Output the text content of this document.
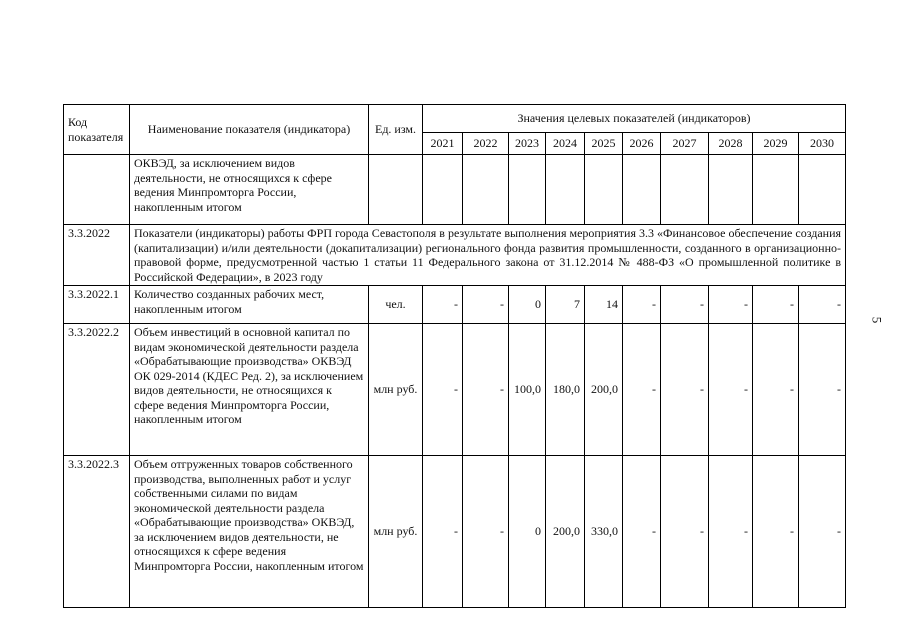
Код показателя	Наименование показателя (индикатора)	Ед. изм.	Значения целевых показателей (индикаторов)									
			2021	2022	2023	2024	2025	2026	2027	2028	2029	2030
	ОКВЭД, за исключением видов деятельности, не относящихся к сфере ведения Минпромторга России, накопленным итогом											
3.3.2022	Показатели (индикаторы) работы ФРП города Севастополя в результате выполнения мероприятия 3.3 «Финансовое обеспечение создания (капитализации) и/или деятельности (докапитализации) регионального фонда развития промышленности, созданного в организационно-правовой форме, предусмотренной частью 1 статьи 11 Федерального закона от 31.12.2014 № 488-ФЗ «О промышленной политике в Российской Федерации», в 2023 году											
3.3.2022.1	Количество созданных рабочих мест, накопленным итогом	чел.	-	-	0	7	14	-	-	-	-	-
3.3.2022.2	Объем инвестиций в основной капитал по видам экономической деятельности раздела «Обрабатывающие производства» ОКВЭД ОК 029-2014 (КДЕС Ред. 2), за исключением видов деятельности, не относящихся к сфере ведения Минпромторга России, накопленным итогом	млн руб.	-	-	100,0	180,0	200,0	-	-	-	-	-
3.3.2022.3	Объем отгруженных товаров собственного производства, выполненных работ и услуг собственными силами по видам экономической деятельности раздела «Обрабатывающие производства» ОКВЭД, за исключением видов деятельности, не относящихся к сфере ведения Минпромторга России, накопленным итогом	млн руб.	-	-	0	200,0	330,0	-	-	-	-	-
5
